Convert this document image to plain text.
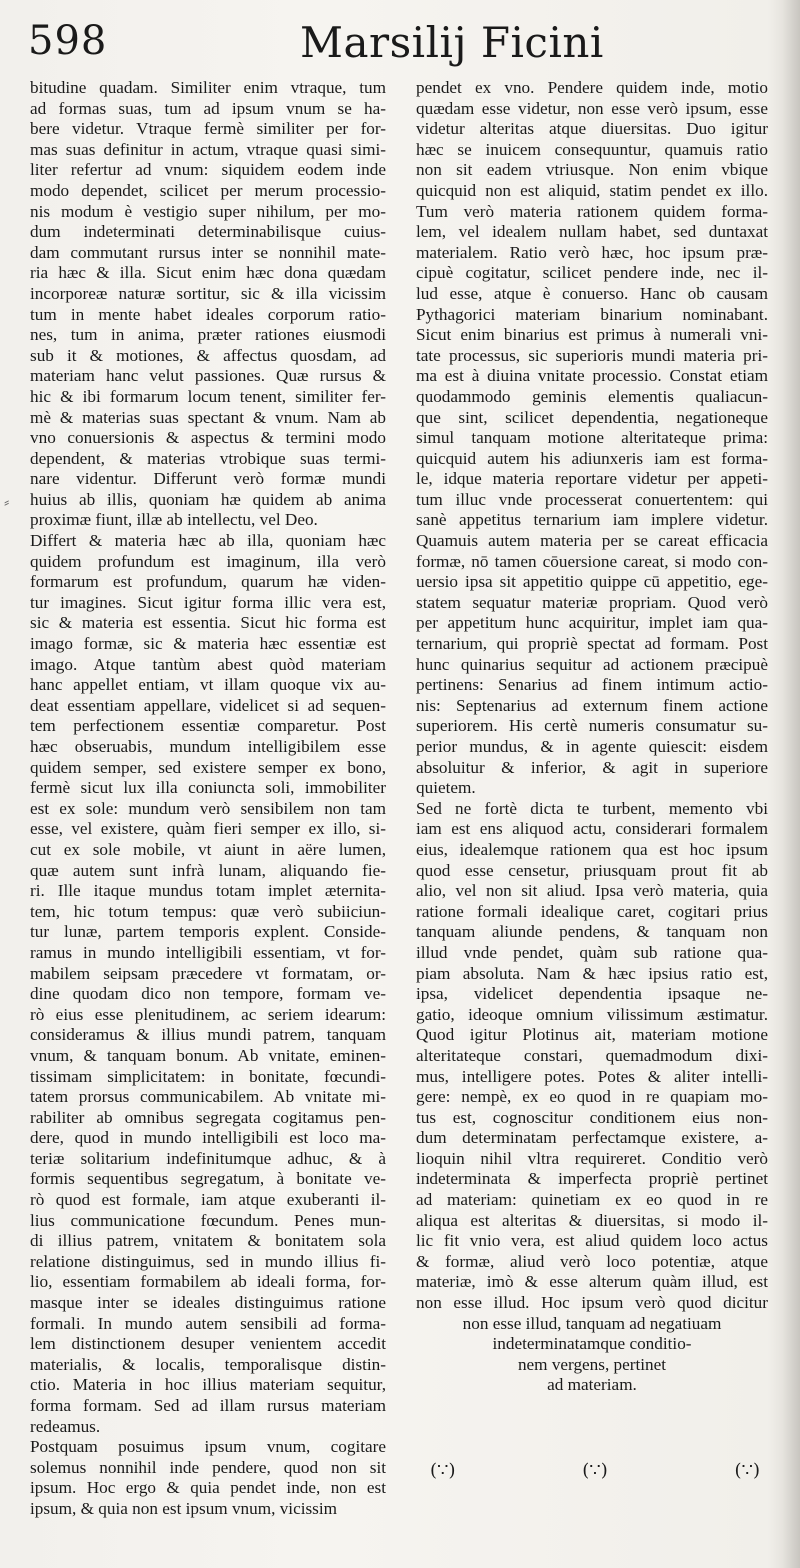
598	Marsilij Ficini
⸗
bitudine quadam. Similiter enim vtraque, tum
ad formas suas, tum ad ipsum vnum se ha-
bere videtur. Vtraque fermè similiter per for-
mas suas definitur in actum, vtraque quasi simi-
liter refertur ad vnum: siquidem eodem inde
modo dependet, scilicet per merum processio-
nis modum è vestigio super nihilum, per mo-
dum indeterminati determinabilisque cuius-
dam commutant rursus inter se nonnihil mate-
ria hæc & illa. Sicut enim hæc dona quædam
incorporeæ naturæ sortitur, sic & illa vicissim
tum in mente habet ideales corporum ratio-
nes, tum in anima, præter rationes eiusmodi
sub it & motiones, & affectus quosdam, ad
materiam hanc velut passiones. Quæ rursus &
hic & ibi formarum locum tenent, similiter fer-
mè & materias suas spectant & vnum. Nam ab
vno conuersionis & aspectus & termini modo
dependent, & materias vtrobique suas termi-
nare videntur. Differunt verò formæ mundi
huius ab illis, quoniam hæ quidem ab anima
proximæ fiunt, illæ ab intellectu, vel Deo.
Differt & materia hæc ab illa, quoniam hæc
quidem profundum est imaginum, illa verò
formarum est profundum, quarum hæ viden-
tur imagines. Sicut igitur forma illic vera est,
sic & materia est essentia. Sicut hic forma est
imago formæ, sic & materia hæc essentiæ est
imago. Atque tantùm abest quòd materiam
hanc appellet entiam, vt illam quoque vix au-
deat essentiam appellare, videlicet si ad sequen-
tem perfectionem essentiæ comparetur. Post
hæc obseruabis, mundum intelligibilem esse
quidem semper, sed existere semper ex bono,
fermè sicut lux illa coniuncta soli, immobiliter
est ex sole: mundum verò sensibilem non tam
esse, vel existere, quàm fieri semper ex illo, si-
cut ex sole mobile, vt aiunt in aëre lumen,
quæ autem sunt infrà lunam, aliquando fie-
ri. Ille itaque mundus totam implet æternita-
tem, hic totum tempus: quæ verò subiiciun-
tur lunæ, partem temporis explent. Conside-
ramus in mundo intelligibili essentiam, vt for-
mabilem seipsam præcedere vt formatam, or-
dine quodam dico non tempore, formam ve-
rò eius esse plenitudinem, ac seriem idearum:
consideramus & illius mundi patrem, tanquam
vnum, & tanquam bonum. Ab vnitate, eminen-
tissimam simplicitatem: in bonitate, fœcundi-
tatem prorsus communicabilem. Ab vnitate mi-
rabiliter ab omnibus segregata cogitamus pen-
dere, quod in mundo intelligibili est loco ma-
teriæ solitarium indefinitumque adhuc, & à
formis sequentibus segregatum, à bonitate ve-
rò quod est formale, iam atque exuberanti il-
lius communicatione fœcundum. Penes mun-
di illius patrem, vnitatem & bonitatem sola
relatione distinguimus, sed in mundo illius fi-
lio, essentiam formabilem ab ideali forma, for-
masque inter se ideales distinguimus ratione
formali. In mundo autem sensibili ad forma-
lem distinctionem desuper venientem accedit
materialis, & localis, temporalisque distin-
ctio. Materia in hoc illius materiam sequitur,
forma formam. Sed ad illam rursus materiam
redeamus.
Postquam posuimus ipsum vnum, cogitare
solemus nonnihil inde pendere, quod non sit
ipsum. Hoc ergo & quia pendet inde, non est
ipsum, & quia non est ipsum vnum, vicissim
pendet ex vno. Pendere quidem inde, motio
quædam esse videtur, non esse verò ipsum, esse
videtur alteritas atque diuersitas. Duo igitur
hæc se inuicem consequuntur, quamuis ratio
non sit eadem vtriusque. Non enim vbique
quicquid non est aliquid, statim pendet ex illo.
Tum verò materia rationem quidem forma-
lem, vel idealem nullam habet, sed duntaxat
materialem. Ratio verò hæc, hoc ipsum præ-
cipuè cogitatur, scilicet pendere inde, nec il-
lud esse, atque è conuerso. Hanc ob causam
Pythagorici materiam binarium nominabant.
Sicut enim binarius est primus à numerali vni-
tate processus, sic superioris mundi materia pri-
ma est à diuina vnitate processio. Constat etiam
quodammodo geminis elementis qualiacun-
que sint, scilicet dependentia, negationeque
simul tanquam motione alteritateque prima:
quicquid autem his adiunxeris iam est forma-
le, idque materia reportare videtur per appeti-
tum illuc vnde processerat conuertentem: qui
sanè appetitus ternarium iam implere videtur.
Quamuis autem materia per se careat efficacia
formæ, nō tamen cōuersione careat, si modo con-
uersio ipsa sit appetitio quippe cū appetitio, ege-
statem sequatur materiæ propriam. Quod verò
per appetitum hunc acquiritur, implet iam qua-
ternarium, qui propriè spectat ad formam. Post
hunc quinarius sequitur ad actionem præcipuè
pertinens: Senarius ad finem intimum actio-
nis: Septenarius ad externum finem actione
superiorem. His certè numeris consumatur su-
perior mundus, & in agente quiescit: eisdem
absoluitur & inferior, & agit in superiore
quietem.
Sed ne fortè dicta te turbent, memento vbi
iam est ens aliquod actu, considerari formalem
eius, idealemque rationem qua est hoc ipsum
quod esse censetur, priusquam prout fit ab
alio, vel non sit aliud. Ipsa verò materia, quia
ratione formali idealique caret, cogitari prius
tanquam aliunde pendens, & tanquam non
illud vnde pendet, quàm sub ratione qua-
piam absoluta. Nam & hæc ipsius ratio est,
ipsa, videlicet dependentia ipsaque ne-
gatio, ideoque omnium vilissimum æstimatur.
Quod igitur Plotinus ait, materiam motione
alteritateque constari, quemadmodum dixi-
mus, intelligere potes. Potes & aliter intelli-
gere: nempè, ex eo quod in re quapiam mo-
tus est, cognoscitur conditionem eius non-
dum determinatam perfectamque existere, a-
lioquin nihil vltra requireret. Conditio verò
indeterminata & imperfecta propriè pertinet
ad materiam: quinetiam ex eo quod in re
aliqua est alteritas & diuersitas, si modo il-
lic fit vnio vera, est aliud quidem loco actus
& formæ, aliud verò loco potentiæ, atque
materiæ, imò & esse alterum quàm illud, est
non esse illud. Hoc ipsum verò quod dicitur
non esse illud, tanquam ad negatiuam
indeterminatamque conditio-
nem vergens, pertinet
ad materiam.
(∵)	(∵)	(∵)
